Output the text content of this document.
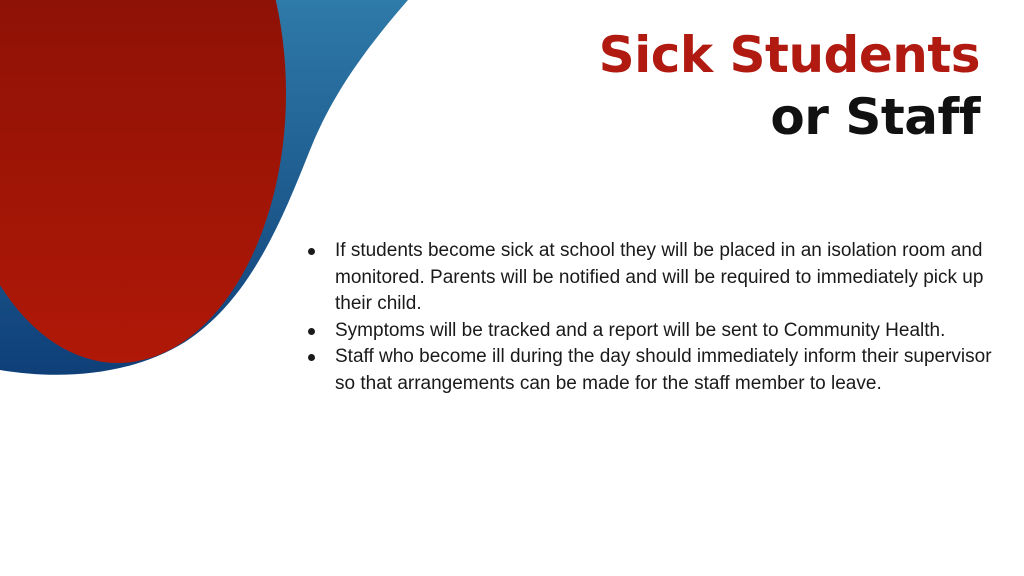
Sick Students
or Staff
If students become sick at school they will be placed in an isolation room and monitored. Parents will be notified and will be required to immediately pick up their child.
Symptoms will be tracked and a report will be sent to Community Health.
Staff who become ill during the day should immediately inform their supervisor so that arrangements can be made for the staff member to leave.
